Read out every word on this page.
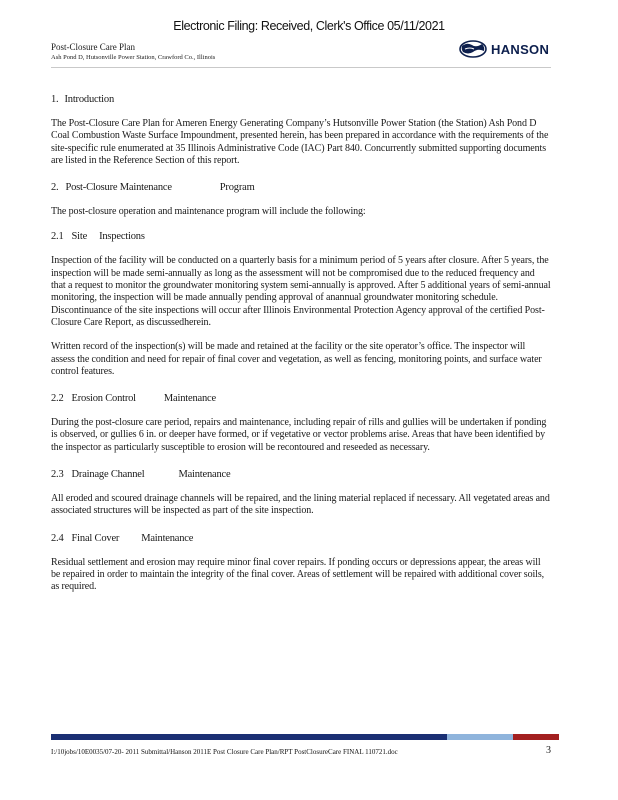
Electronic Filing: Received, Clerk's Office 05/11/2021
Post-Closure Care Plan
Ash Pond D, Hutsonville Power Station, Crawford Co., Illinois
HANSON
1. Introduction

The Post-Closure Care Plan for Ameren Energy Generating Company’s Hutsonville Power Station (the Station) Ash Pond D Coal Combustion Waste Surface Impoundment, presented herein, has been prepared in accordance with the requirements of the site-specific rule enumerated at 35 Illinois Administrative Code (IAC) Part 840. Concurrently submitted supporting documents are listed in the Reference Section of this report.

2. Post-Closure Maintenance	Program

The post-closure operation and maintenance program will include the following:

2.1 Site Inspections

Inspection of the facility will be conducted on a quarterly basis for a minimum period of 5 years after closure. After 5 years, the inspection will be made semi-annually as long as the assessment will not be compromised due to the reduced frequency and that a request to monitor the groundwater monitoring system semi-annually is approved. After 5 additional years of semi-annual monitoring, the inspection will be made annually pending approval of anannual groundwater monitoring schedule. Discontinuance of the site inspections will occur after Illinois Environmental Protection Agency approval of the certified Post-Closure Care Report, as discussedherein.

Written record of the inspection(s) will be made and retained at the facility or the site operator’s office. The inspector will assess the condition and need for repair of final cover and vegetation, as well as fencing, monitoring points, and surface water control features.

2.2 Erosion Control	Maintenance

During the post-closure care period, repairs and maintenance, including repair of rills and gullies will be undertaken if ponding is observed, or gullies 6 in. or deeper have formed, or if vegetative or vector problems arise. Areas that have been identified by the inspector as particularly susceptible to erosion will be recontoured and reseeded as necessary.

2.3 Drainage Channel	Maintenance

All eroded and scoured drainage channels will be repaired, and the lining material replaced if necessary. All vegetated areas and associated structures will be inspected as part of the site inspection.

2.4 Final Cover Maintenance

Residual settlement and erosion may require minor final cover repairs. If ponding occurs or depressions appear, the areas will be repaired in order to maintain the integrity of the final cover. Areas of settlement will be repaired with additional cover soils, as required.

I:/10jobs/10E0035/07-20- 2011 Submittal/Hanson 2011E Post Closure Care Plan/RPT PostClosureCare FINAL 110721.doc	3
